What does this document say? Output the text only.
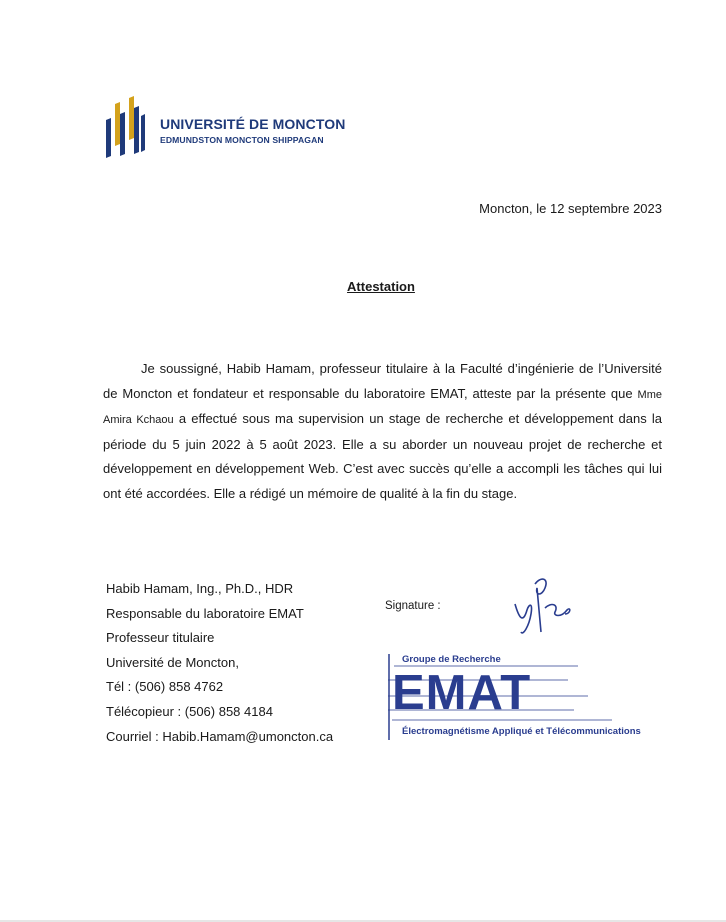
UNIVERSITÉ DE MONCTON
EDMUNDSTON MONCTON SHIPPAGAN
Moncton, le 12 septembre 2023
Attestation

Je soussigné, Habib Hamam, professeur titulaire à la Faculté d’ingénierie de l’Université de Moncton et fondateur et responsable du laboratoire EMAT, atteste par la présente que Mme Amira Kchaou a effectué sous ma supervision un stage de recherche et développement dans la période du 5 juin 2022 à 5 août 2023. Elle a su aborder un nouveau projet de recherche et développement en développement Web. C’est avec succès qu’elle a accompli les tâches qui lui ont été accordées. Elle a rédigé un mémoire de qualité à la fin du stage.

Habib Hamam, Ing., Ph.D., HDR
Responsable du laboratoire EMAT
Professeur titulaire
Université de Moncton,
Tél : (506) 858 4762
Télécopieur : (506) 858 4184
Courriel : Habib.Hamam@umoncton.ca
Signature :
Groupe de Recherche
EMAT
Électromagnétisme Appliqué et Télécommunications
